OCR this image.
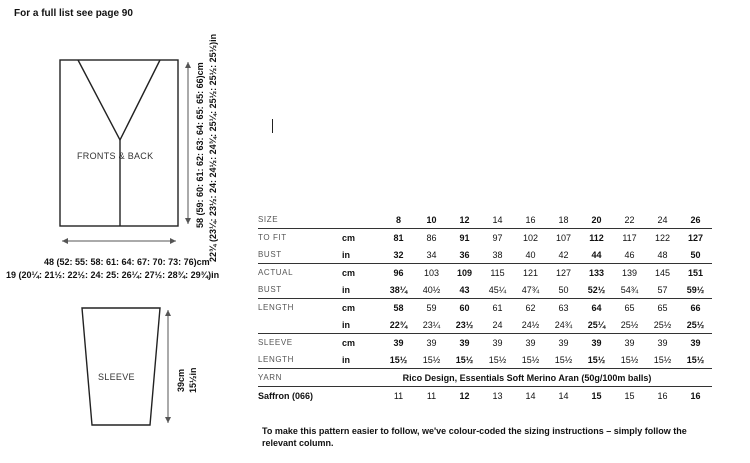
For a full list see page 90
FRONTS & BACK
48 (52: 55: 58: 61: 64: 67: 70: 73: 76)cm
19 (20¼: 21½: 22½: 24: 25: 26¼: 27½: 28¾: 29¾)in
58 (59: 60: 61: 62: 63: 64: 65: 65: 66)cm 22¾ (23¼: 23½: 24: 24½: 24¾: 25¼: 25½: 25½: 25½)in
SLEEVE	39cm 15½in
SIZE		8	10	12	14	16	18	20	22	24	26
TO FIT	cm	81	86	91	97	102	107	112	117	122	127
BUST	in	32	34	36	38	40	42	44	46	48	50
ACTUAL	cm	96	103	109	115	121	127	133	139	145	151
BUST	in	38¼	40½	43	45¼	47¾	50	52½	54¾	57	59½
LENGTH	cm	58	59	60	61	62	63	64	65	65	66
	in	22¾	23¼	23½	24	24½	24¾	25¼	25½	25½	25½
SLEEVE	cm	39	39	39	39	39	39	39	39	39	39
LENGTH	in	15½	15½	15½	15½	15½	15½	15½	15½	15½	15½
YARN	Rico Design, Essentials Soft Merino Aran (50g/100m balls)										
Saffron (066)		11	11	12	13	14	14	15	15	16	16
To make this pattern easier to follow, we've colour-coded the sizing instructions – simply follow the relevant column.
